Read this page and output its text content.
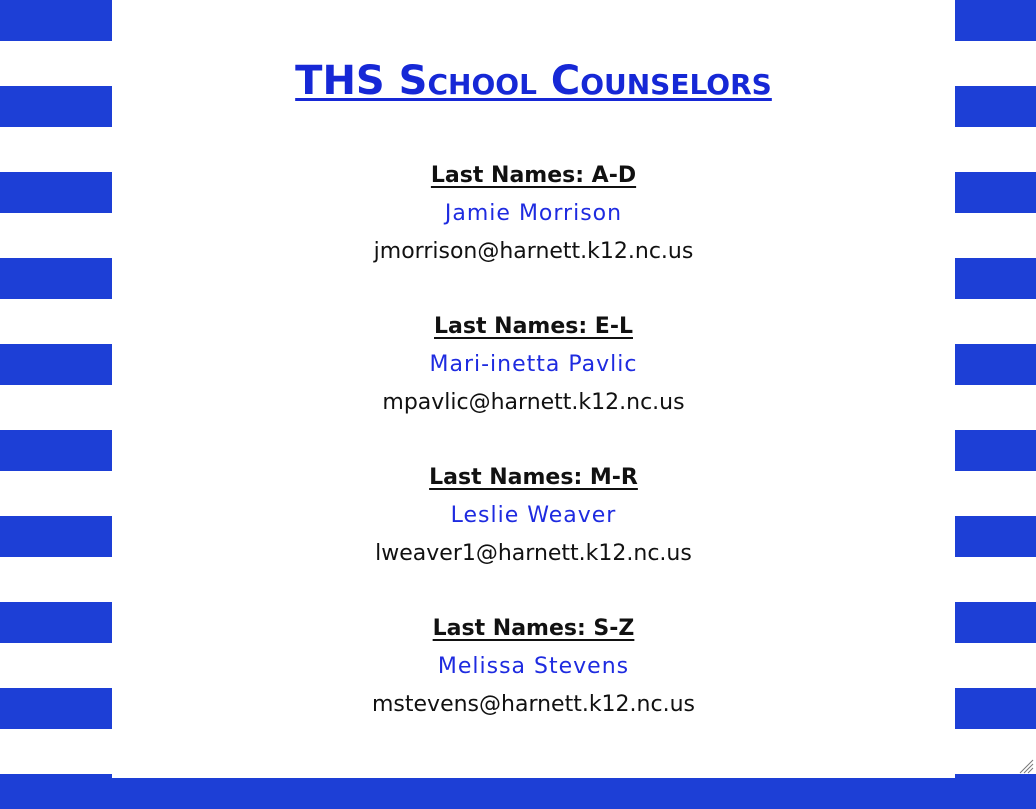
THS School Counselors
Last Names: A-D
Jamie Morrison
jmorrison@harnett.k12.nc.us
Last Names: E-L
Mari-inetta Pavlic
mpavlic@harnett.k12.nc.us
Last Names: M-R
Leslie Weaver
lweaver1@harnett.k12.nc.us
Last Names: S-Z
Melissa Stevens
mstevens@harnett.k12.nc.us
